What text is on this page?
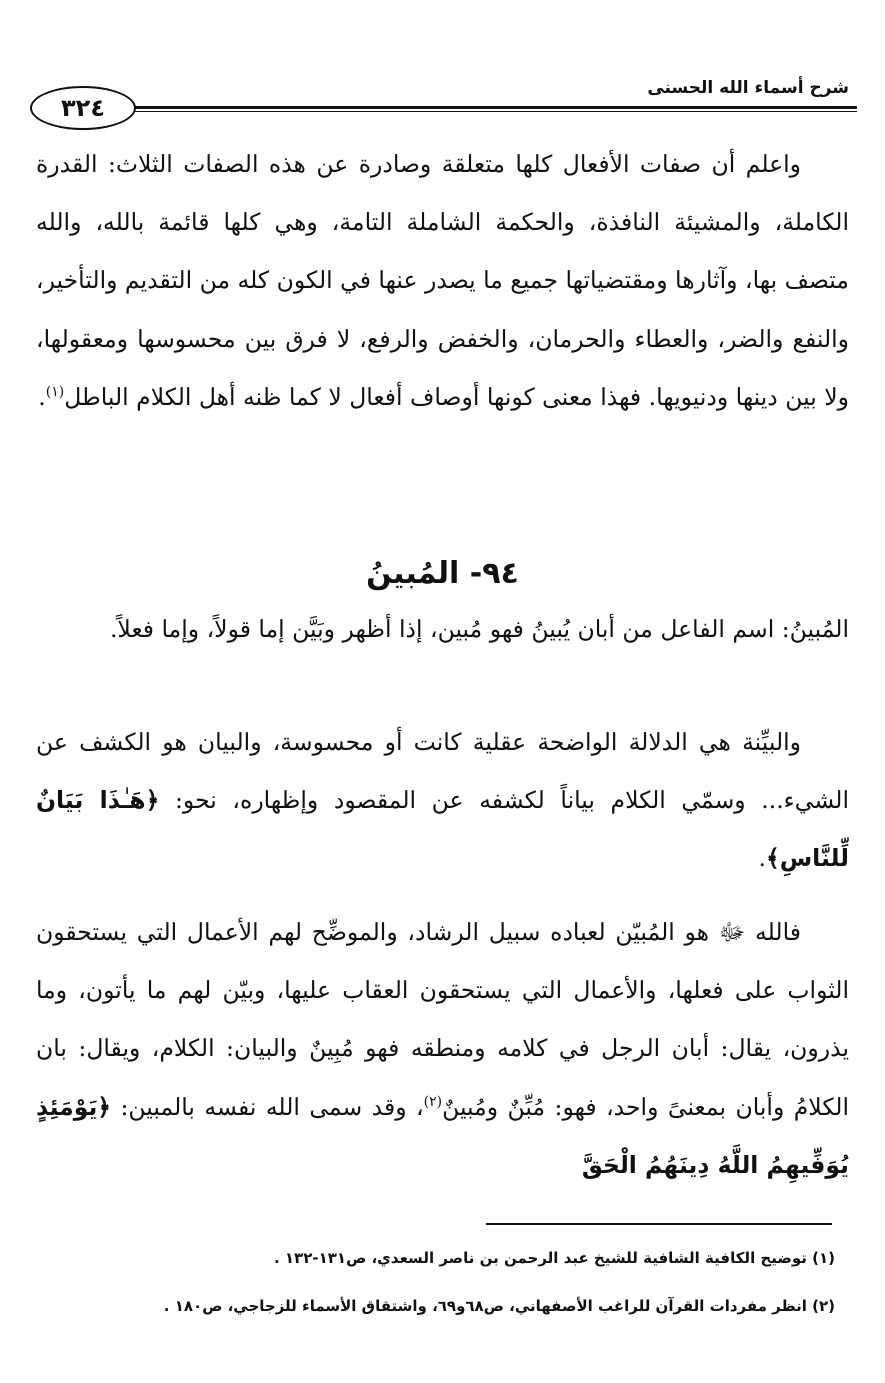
شرح أسماء الله الحسنى
٣٢٤

واعلم أن صفات الأفعال كلها متعلقة وصادرة عن هذه الصفات الثلاث: القدرة الكاملة، والمشيئة النافذة، والحكمة الشاملة التامة، وهي كلها قائمة بالله، والله متصف بها، وآثارها ومقتضياتها جميع ما يصدر عنها في الكون كله من التقديم والتأخير، والنفع والضر، والعطاء والحرمان، والخفض والرفع، لا فرق بين محسوسها ومعقولها، ولا بين دينها ودنيويها. فهذا معنى كونها أوصاف أفعال لا كما ظنه أهل الكلام الباطل$^{(١)}$.

٩٤- المُبينُ

المُبينُ: اسم الفاعل من أبان يُبينُ فهو مُبين، إذا أظهر وبَيَّن إما قولاً، وإما فعلاً.

والبيِّنة هي الدلالة الواضحة عقلية كانت أو محسوسة، والبيان هو الكشف عن الشيء... وسمّي الكلام بياناً لكشفه عن المقصود وإظهاره، نحو: ﴿هَـٰذَا بَيَانٌ لِّلنَّاسِ﴾.

فالله ﷻ هو المُبيّن لعباده سبيل الرشاد، والموضِّح لهم الأعمال التي يستحقون الثواب على فعلها، والأعمال التي يستحقون العقاب عليها، وبيّن لهم ما يأتون، وما يذرون، يقال: أبان الرجل في كلامه ومنطقه فهو مُبِينٌ والبيان: الكلام، ويقال: بان الكلامُ وأبان بمعنىً واحد، فهو: مُبِّنٌ ومُبينٌ$^{(٢)}$، وقد سمى الله نفسه بالمبين: ﴿يَوْمَئِذٍ يُوَفِّيهِمُ اللَّهُ دِينَهُمُ الْحَقَّ

(١) توضيح الكافية الشافية للشيخ عبد الرحمن بن ناصر السعدي، ص١٣١-١٣٢ .

(٢) انظر مفردات القرآن للراغب الأصفهاني، ص٦٨و٦٩، واشتقاق الأسماء للزجاجي، ص١٨٠ .
